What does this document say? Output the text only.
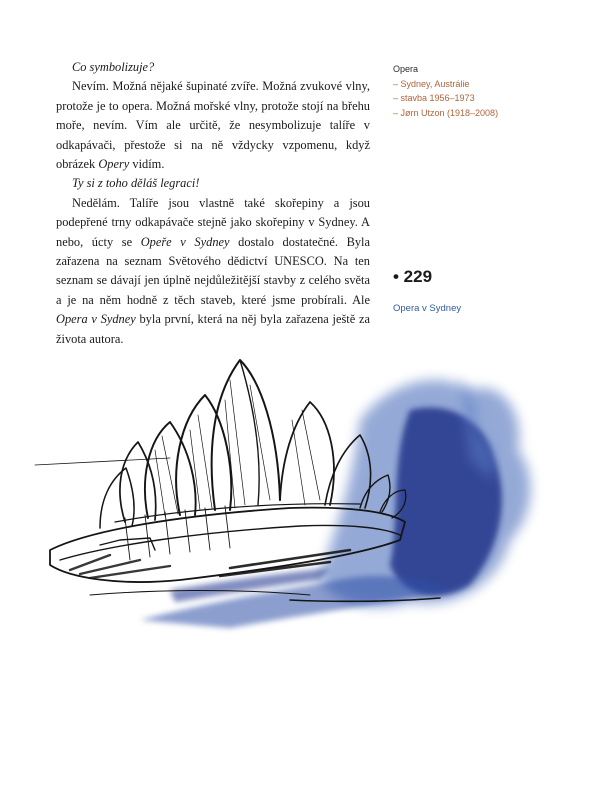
Co symbolizuje?

Nevím. Možná nějaké šupinaté zvíře. Možná zvukové vlny, protože je to opera. Možná mořské vlny, protože stojí na břehu moře, nevím. Vím ale určitě, že nesymbolizuje talíře v odkapávači, přestože si na ně vždycky vzpomenu, když obrázek Opery vidím.

Ty si z toho děláš legraci!

Nedělám. Talíře jsou vlastně také skořepiny a jsou podepřené trny odkapávače stejně jako skořepiny v Sydney. A nebo, úcty se Opeře v Sydney dostalo dostatečné. Byla zařazena na seznam Světového dědictví UNESCO. Na ten seznam se dávají jen úplně nejdůležitější stavby z celého světa a je na něm hodně z těch staveb, které jsme probírali. Ale Opera v Sydney byla první, která na něj byla zařazena ještě za života autora.

Opera
– Sydney, Austrálie
– stavba 1956–1973
– Jørn Utzon (1918–2008)
• 229
Opera v Sydney
